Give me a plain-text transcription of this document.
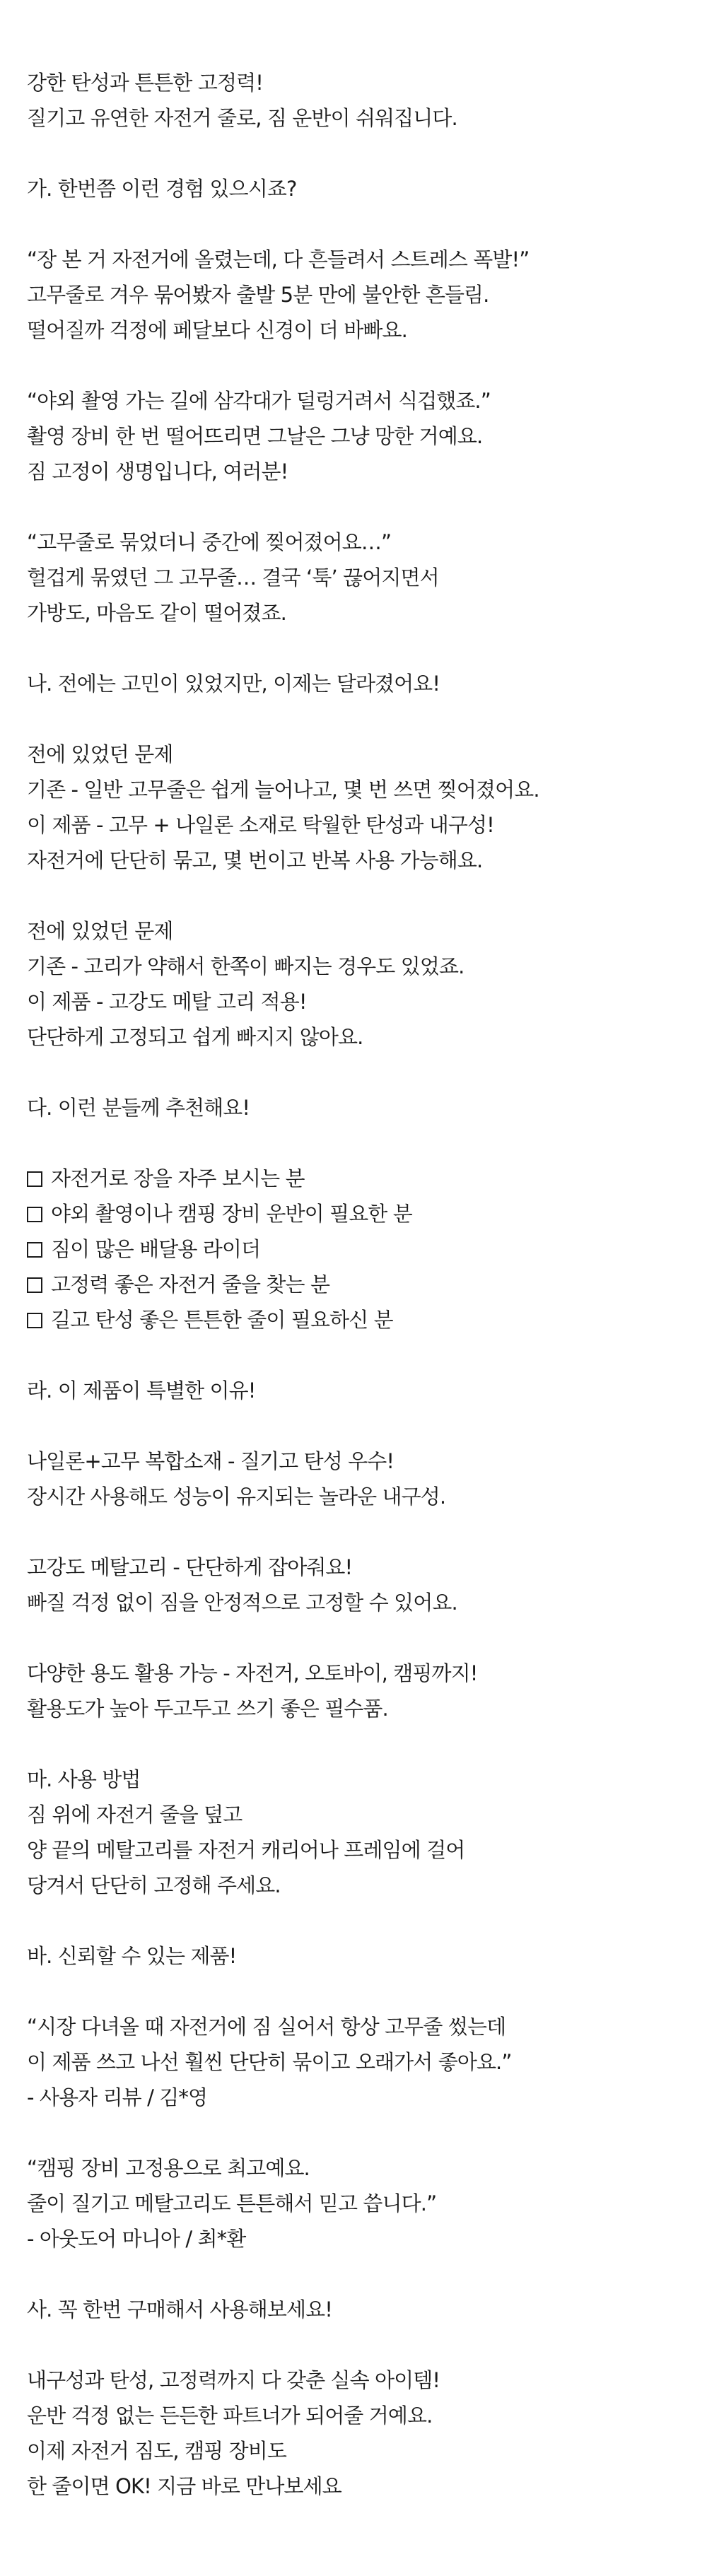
강한 탄성과 튼튼한 고정력!
질기고 유연한 자전거 줄로, 짐 운반이 쉬워집니다.
가. 한번쯤 이런 경험 있으시죠?
“장 본 거 자전거에 올렸는데, 다 흔들려서 스트레스 폭발!”
고무줄로 겨우 묶어봤자 출발 5분 만에 불안한 흔들림.
떨어질까 걱정에 페달보다 신경이 더 바빠요.
“야외 촬영 가는 길에 삼각대가 덜렁거려서 식겁했죠.”
촬영 장비 한 번 떨어뜨리면 그날은 그냥 망한 거예요.
짐 고정이 생명입니다, 여러분!
“고무줄로 묶었더니 중간에 찢어졌어요…”
헐겁게 묶였던 그 고무줄… 결국 ‘툭’ 끊어지면서
가방도, 마음도 같이 떨어졌죠.
나. 전에는 고민이 있었지만, 이제는 달라졌어요!
전에 있었던 문제
기존 - 일반 고무줄은 쉽게 늘어나고, 몇 번 쓰면 찢어졌어요.
이 제품 - 고무 + 나일론 소재로 탁월한 탄성과 내구성!
자전거에 단단히 묶고, 몇 번이고 반복 사용 가능해요.
전에 있었던 문제
기존 - 고리가 약해서 한쪽이 빠지는 경우도 있었죠.
이 제품 - 고강도 메탈 고리 적용!
단단하게 고정되고 쉽게 빠지지 않아요.
다. 이런 분들께 추천해요!
자전거로 장을 자주 보시는 분
야외 촬영이나 캠핑 장비 운반이 필요한 분
짐이 많은 배달용 라이더
고정력 좋은 자전거 줄을 찾는 분
길고 탄성 좋은 튼튼한 줄이 필요하신 분
라. 이 제품이 특별한 이유!
나일론+고무 복합소재 - 질기고 탄성 우수!
장시간 사용해도 성능이 유지되는 놀라운 내구성.
고강도 메탈고리 - 단단하게 잡아줘요!
빠질 걱정 없이 짐을 안정적으로 고정할 수 있어요.
다양한 용도 활용 가능 - 자전거, 오토바이, 캠핑까지!
활용도가 높아 두고두고 쓰기 좋은 필수품.
마. 사용 방법
짐 위에 자전거 줄을 덮고
양 끝의 메탈고리를 자전거 캐리어나 프레임에 걸어
당겨서 단단히 고정해 주세요.
바. 신뢰할 수 있는 제품!
“시장 다녀올 때 자전거에 짐 실어서 항상 고무줄 썼는데
이 제품 쓰고 나선 훨씬 단단히 묶이고 오래가서 좋아요.”
- 사용자 리뷰 / 김*영
“캠핑 장비 고정용으로 최고예요.
줄이 질기고 메탈고리도 튼튼해서 믿고 씁니다.”
- 아웃도어 마니아 / 최*환
사. 꼭 한번 구매해서 사용해보세요!
내구성과 탄성, 고정력까지 다 갖춘 실속 아이템!
운반 걱정 없는 든든한 파트너가 되어줄 거예요.
이제 자전거 짐도, 캠핑 장비도
한 줄이면 OK! 지금 바로 만나보세요
